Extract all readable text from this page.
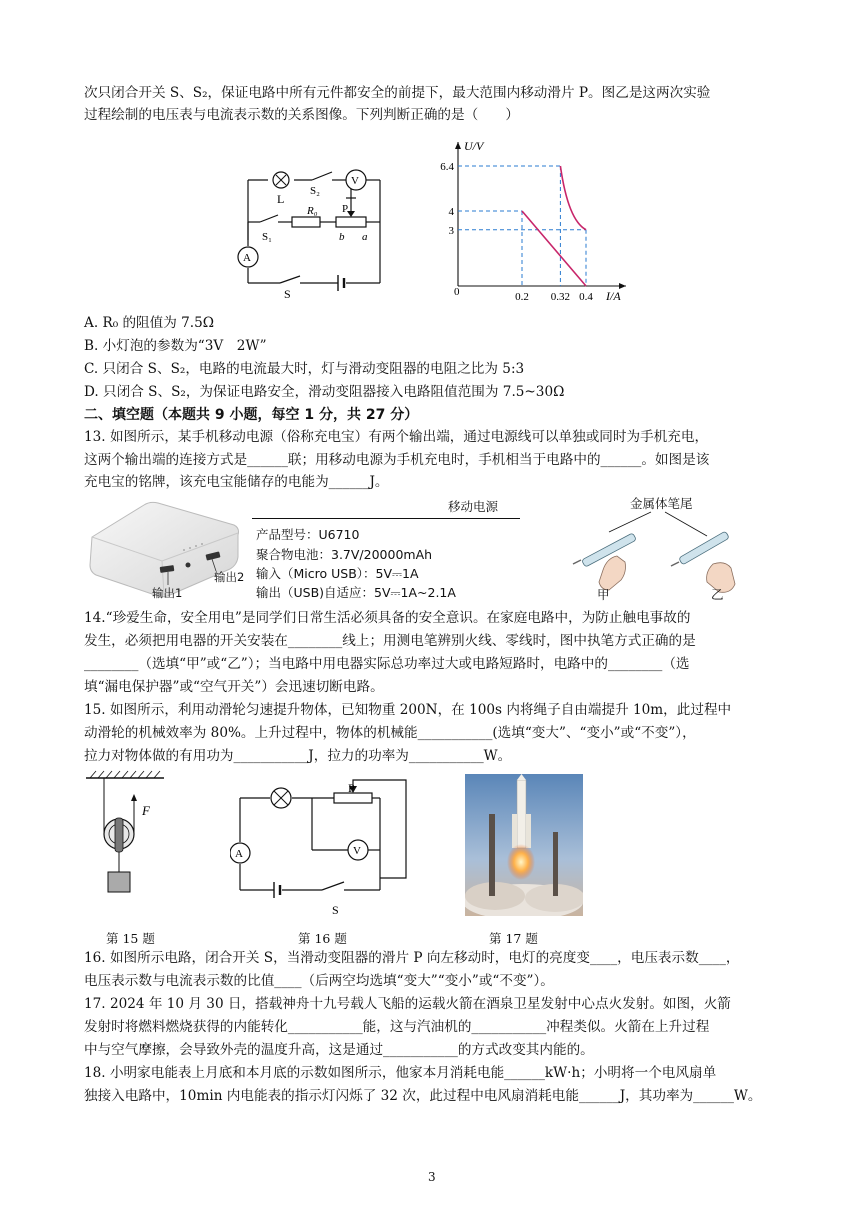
次只闭合开关 S、S₂，保证电路中所有元件都安全的前提下，最大范围内移动滑片 P。图乙是这两次实验
过程绘制的电压表与电流表示数的关系图像。下列判断正确的是（　　）
L
S₂
V
R₀ P
S₁	b a
A
S
U/V
I/A
0	0.2 0.32 0.4
3
4
6.4
A. R₀ 的阻值为 7.5Ω
B. 小灯泡的参数为“3V　2W”
C. 只闭合 S、S₂，电路的电流最大时，灯与滑动变阻器的电阻之比为 5:3
D. 只闭合 S、S₂，为保证电路安全，滑动变阻器接入电路阻值范围为 7.5~30Ω
二、填空题（本题共 9 小题，每空 1 分，共 27 分）
13. 如图所示，某手机移动电源（俗称充电宝）有两个输出端，通过电源线可以单独或同时为手机充电，
这两个输出端的连接方式是______联；用移动电源为手机充电时，手机相当于电路中的______。如图是该
充电宝的铭牌，该充电宝能储存的电能为______J。
输出1
输出2
移动电源
产品型号：U6710
聚合物电池：3.7V/20000mAh
输入（Micro USB）：5V⎓1A
输出（USB)自适应：5V⎓1A~2.1A
金属体笔尾
甲	乙
14.“珍爱生命，安全用电”是同学们日常生活必须具备的安全意识。在家庭电路中，为防止触电事故的
发生，必须把用电器的开关安装在________线上；用测电笔辨别火线、零线时，图中执笔方式正确的是
________（选填“甲”或“乙”）；当电路中用电器实际总功率过大或电路短路时，电路中的________（选
填“漏电保护器”或“空气开关”）会迅速切断电路。
15. 如图所示，利用动滑轮匀速提升物体，已知物重 200N，在 100s 内将绳子自由端提升 10m，此过程中
动滑轮的机械效率为 80%。上升过程中，物体的机械能___________(选填“变大”、“变小”或“不变”），
拉力对物体做的有用功为___________J，拉力的功率为___________W。
F
P
A	V
S
第 15 题	第 16 题	第 17 题
16. 如图所示电路，闭合开关 S，当滑动变阻器的滑片 P 向左移动时，电灯的亮度变____，电压表示数____，
电压表示数与电流表示数的比值____（后两空均选填“变大”“变小”或“不变”）。
17. 2024 年 10 月 30 日，搭载神舟十九号载人飞船的运载火箭在酒泉卫星发射中心点火发射。如图，火箭
发射时将燃料燃烧获得的内能转化___________能，这与汽油机的___________冲程类似。火箭在上升过程
中与空气摩擦，会导致外壳的温度升高，这是通过___________的方式改变其内能的。
18. 小明家电能表上月底和本月底的示数如图所示，他家本月消耗电能______kW·h；小明将一个电风扇单
独接入电路中，10min 内电能表的指示灯闪烁了 32 次，此过程中电风扇消耗电能______J，其功率为______W。
3
